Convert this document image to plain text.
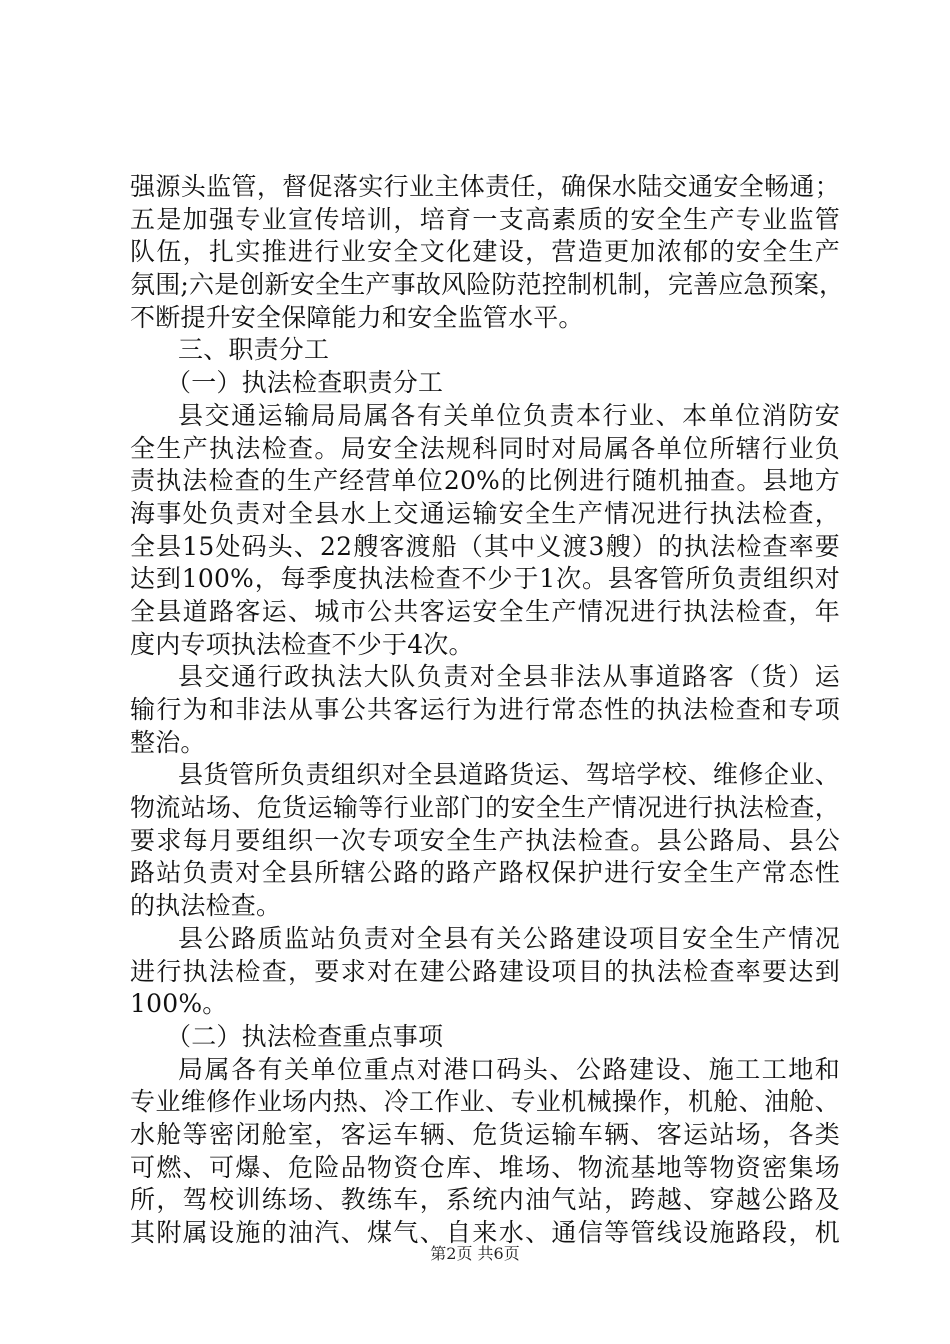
强源头监管，督促落实行业主体责任，确保水陆交通安全畅通；
五是加强专业宣传培训，培育一支高素质的安全生产专业监管
队伍，扎实推进行业安全文化建设，营造更加浓郁的安全生产
氛围;六是创新安全生产事故风险防范控制机制，完善应急预案，
不断提升安全保障能力和安全监管水平。
三、职责分工
（一）执法检查职责分工
县交通运输局局属各有关单位负责本行业、本单位消防安
全生产执法检查。局安全法规科同时对局属各单位所辖行业负
责执法检查的生产经营单位20%的比例进行随机抽查。县地方
海事处负责对全县水上交通运输安全生产情况进行执法检查，
全县15处码头、22艘客渡船（其中义渡3艘）的执法检查率要
达到100%，每季度执法检查不少于1次。县客管所负责组织对
全县道路客运、城市公共客运安全生产情况进行执法检查，年
度内专项执法检查不少于4次。
县交通行政执法大队负责对全县非法从事道路客（货）运
输行为和非法从事公共客运行为进行常态性的执法检查和专项
整治。
县货管所负责组织对全县道路货运、驾培学校、维修企业、
物流站场、危货运输等行业部门的安全生产情况进行执法检查，
要求每月要组织一次专项安全生产执法检查。县公路局、县公
路站负责对全县所辖公路的路产路权保护进行安全生产常态性
的执法检查。
县公路质监站负责对全县有关公路建设项目安全生产情况
进行执法检查，要求对在建公路建设项目的执法检查率要达到
100%。
（二）执法检查重点事项
局属各有关单位重点对港口码头、公路建设、施工工地和
专业维修作业场内热、冷工作业、专业机械操作，机舱、油舱、
水舱等密闭舱室，客运车辆、危货运输车辆、客运站场，各类
可燃、可爆、危险品物资仓库、堆场、物流基地等物资密集场
所，驾校训练场、教练车，系统内油气站，跨越、穿越公路及
其附属设施的油汽、煤气、自来水、通信等管线设施路段，机
第2页 共6页
